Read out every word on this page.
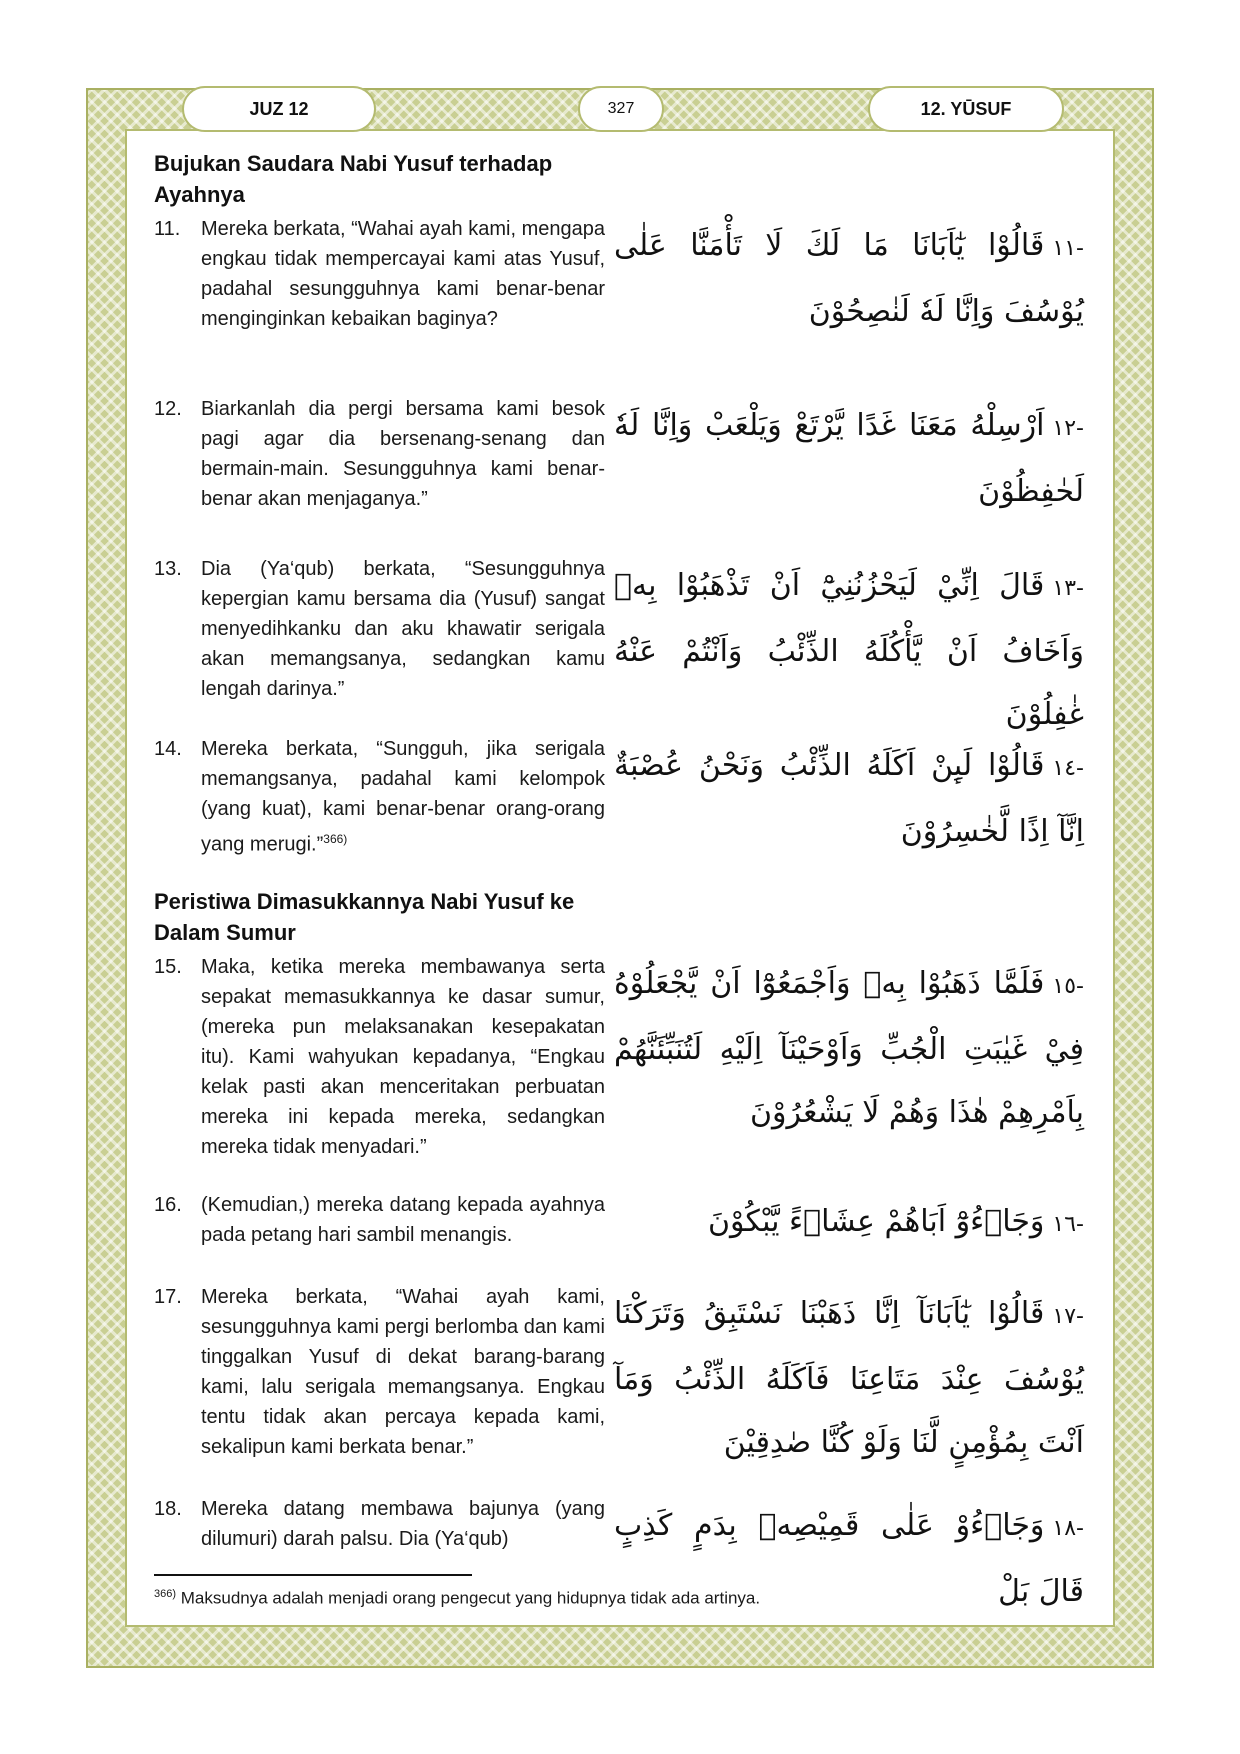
JUZ 12	327	12. YŪSUF
Bujukan Saudara Nabi Yusuf terhadap Ayahnya
11. Mereka berkata, “Wahai ayah kami, mengapa engkau tidak mempercayai kami atas Yusuf, padahal sesungguhnya kami benar-benar menginginkan kebaikan baginya?
-١١قَالُوْا يٰٓاَبَانَا مَا لَكَ لَا تَأْمَنَّا عَلٰى يُوْسُفَ وَاِنَّا لَهٗ لَنٰصِحُوْنَ
12. Biarkanlah dia pergi bersama kami besok pagi agar dia bersenang-senang dan bermain-main. Sesungguhnya kami benar-benar akan menjaganya.”
-١٢اَرْسِلْهُ مَعَنَا غَدًا يَّرْتَعْ وَيَلْعَبْ وَاِنَّا لَهٗ لَحٰفِظُوْنَ
13. Dia (Ya‘qub) berkata, “Sesungguhnya kepergian kamu bersama dia (Yusuf) sangat menyedihkanku dan aku khawatir serigala akan memangsanya, sedangkan kamu lengah darinya.”
-١٣قَالَ اِنِّيْ لَيَحْزُنُنِيْٓ اَنْ تَذْهَبُوْا بِهٖ وَاَخَافُ اَنْ يَّأْكُلَهُ الذِّئْبُ وَاَنْتُمْ عَنْهُ غٰفِلُوْنَ
14. Mereka berkata, “Sungguh, jika serigala memangsanya, padahal kami kelompok (yang kuat), kami benar-benar orang-orang yang merugi.”$^{366)}$
-١٤قَالُوْا لَىِٕنْ اَكَلَهُ الذِّئْبُ وَنَحْنُ عُصْبَةٌ اِنَّآ اِذًا لَّخٰسِرُوْنَ
Peristiwa Dimasukkannya Nabi Yusuf ke Dalam Sumur
15. Maka, ketika mereka membawanya serta sepakat memasukkannya ke dasar sumur, (mereka pun melaksanakan kesepakatan itu). Kami wahyukan kepadanya, “Engkau kelak pasti akan menceritakan perbuatan mereka ini kepada mereka, sedangkan mereka tidak menyadari.”
-١٥فَلَمَّا ذَهَبُوْا بِهٖ وَاَجْمَعُوْٓا اَنْ يَّجْعَلُوْهُ فِيْ غَيٰبَتِ الْجُبِّ وَاَوْحَيْنَآ اِلَيْهِ لَتُنَبِّئَنَّهُمْ بِاَمْرِهِمْ هٰذَا وَهُمْ لَا يَشْعُرُوْنَ
16. (Kemudian,) mereka datang kepada ayahnya pada petang hari sambil menangis.	-١٦وَجَاۤءُوْٓ اَبَاهُمْ عِشَاۤءً يَّبْكُوْنَ
17. Mereka berkata, “Wahai ayah kami, sesungguhnya kami pergi berlomba dan kami tinggalkan Yusuf di dekat barang-barang kami, lalu serigala memangsanya. Engkau tentu tidak akan percaya kepada kami, sekalipun kami berkata benar.”
-١٧قَالُوْا يٰٓاَبَانَآ اِنَّا ذَهَبْنَا نَسْتَبِقُ وَتَرَكْنَا يُوْسُفَ عِنْدَ مَتَاعِنَا فَاَكَلَهُ الذِّئْبُ وَمَآ اَنْتَ بِمُؤْمِنٍ لَّنَا وَلَوْ كُنَّا صٰدِقِيْنَ
18. Mereka datang membawa bajunya (yang dilumuri) darah palsu. Dia (Ya‘qub)	-١٨وَجَاۤءُوْ عَلٰى قَمِيْصِهٖ بِدَمٍ كَذِبٍ قَالَ بَلْ
$^{366)}$ Maksudnya adalah menjadi orang pengecut yang hidupnya tidak ada artinya.
